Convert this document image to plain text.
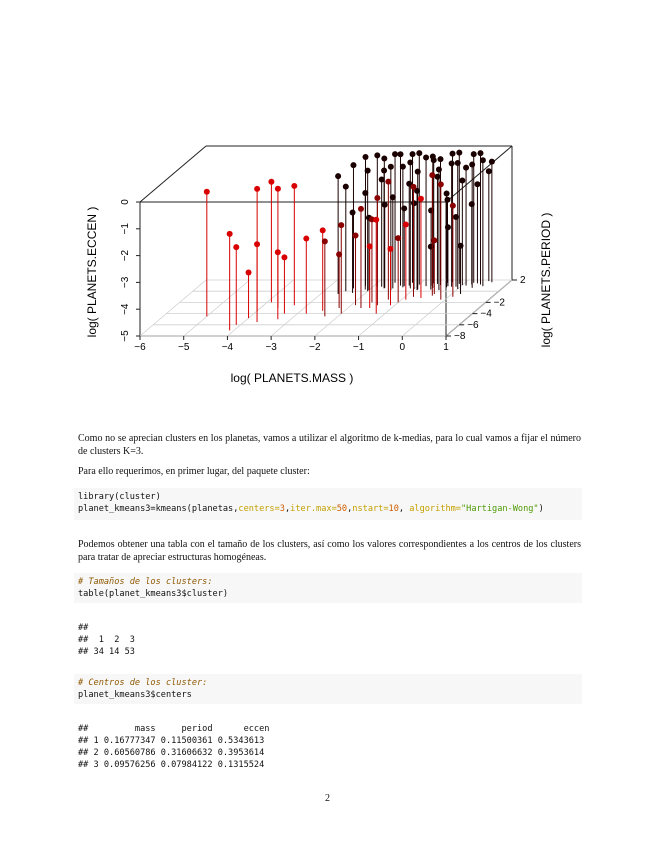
−6	−5	−4	−3	−2	−1	0	1
0
−1
−2
−3
−4
−5
2
−2
−4
−6
−8
log( PLANETS.MASS )
log( PLANETS.ECCEN )	log( PLANETS.PERIOD )
Como no se aprecian clusters en los planetas, vamos a utilizar el algoritmo de k-medias, para lo cual vamos a fijar el número de clusters K=3.
Para ello requerimos, en primer lugar, del paquete cluster:
library(cluster)
planet_kmeans3=kmeans(planetas,centers=3,iter.max=50,nstart=10, algorithm="Hartigan-Wong")
Podemos obtener una tabla con el tamaño de los clusters, así como los valores correspondientes a los centros de los clusters para tratar de apreciar estructuras homogéneas.
# Tamaños de los clusters:
table(planet_kmeans3$cluster)
##
##  1  2  3
## 34 14 53
# Centros de los cluster:
planet_kmeans3$centers
##         mass     period      eccen
## 1 0.16777347 0.11500361 0.5343613
## 2 0.60560786 0.31606632 0.3953614
## 3 0.09576256 0.07984122 0.1315524
2
